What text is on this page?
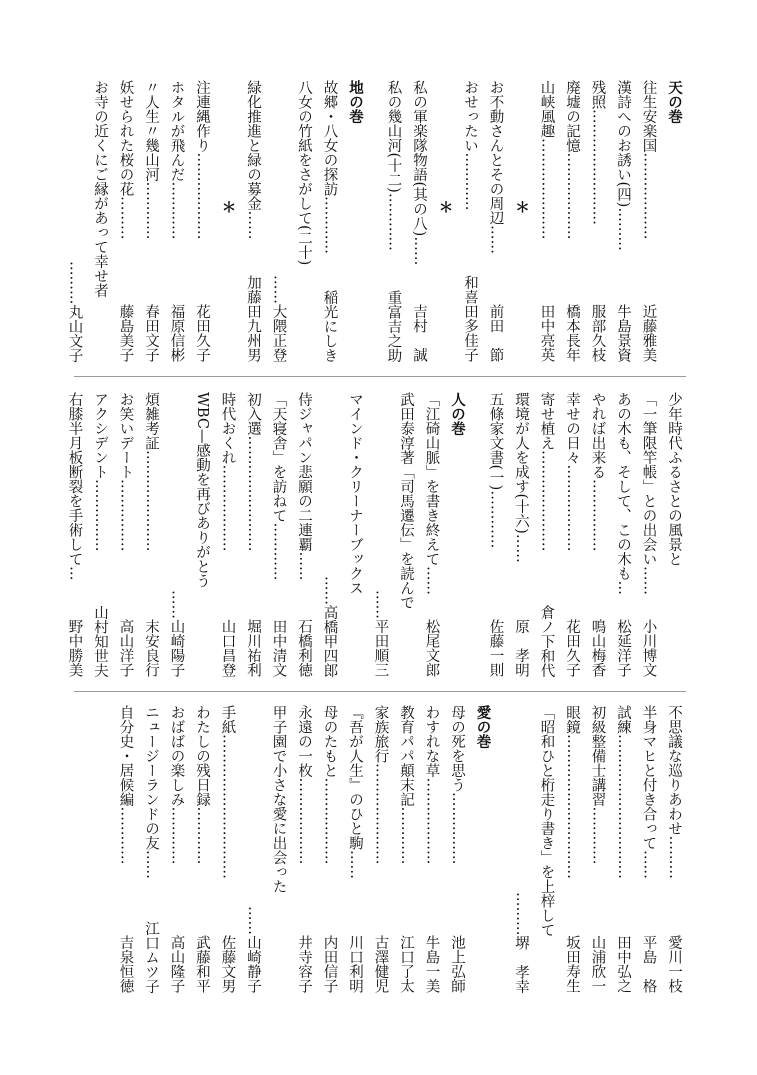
天の巻
往生安楽国………………
近藤雅美
漢詩へのお誘い(四)………
牛島景資
残照……………………
服部久枝
廃墟の記憶………………
橋本長年
山峡風趣…………………
田中亮英
＊
お不動さんとその周辺……
前田　節
おせったい…………
和喜田多佳子
＊
私の軍楽隊物語(其の八)……
吉村　誠
私の幾山河(十二)…………
重富吉之助
地の巻
故郷・八女の探訪…………
稲光にしき
八女の竹紙をさがして(二十)
……大隈正登
緑化推進と緑の募金……
加藤田九州男
＊
注連縄作り………………
花田久子
ホタルが飛んだ…………
福原信彬
〃人生〃幾山河…………
春田文子
妖せられた桜の花………
藤島美子
お寺の近くにご縁があって幸せ者
………丸山文子
少年時代ふるさとの風景と
「一筆限竿帳」との出会い……
小川博文
あの木も、そして、この木も…
松延洋子
やれば出来る……………
鳴山梅香
幸せの日々………………
花田久子
寄せ植え…………………
倉ノ下和代
環境が人を成す(十六)……
原　孝明
五條家文書(一)…………
佐藤一則
人の巻
「江碕山脈」を書き終えて……
松尾文郎
武田泰淳著「司馬遷伝」を読んで
……平田順三
マインド・クリーナーブックス
……高橋甲四郎
侍ジャパン悲願の二連覇……
石橋利徳
「天寝舎」を訪ねて…………
田中清文
初入選……………………
堀川祐利
時代おくれ………………
山口昌登
WBC—感動を再びありがとう
……山崎陽子
煩雑考証…………………
末安良行
お笑いデート……………
高山洋子
アクシデント……………
山村知世夫
右膝半月板断裂を手術して…
野中勝美
不思議な巡りあわせ………
愛川一枝
半身マヒと付き合って……
平島　格
試練…………………………
田中弘之
初級整備士講習…………
山浦欣一
眼鏡…………………………
坂田寿生
「昭和ひと桁走り書き」を上梓して
………堺　孝幸
愛の巻
母の死を思う……………
池上弘師
わすれな草………………
牛島一美
教育パパ顛末記…………
江口了太
家族旅行…………………
古澤健児
『吾が人生』のひと駒……
川口利明
母のたもと………………
内田信子
永遠の一枚………………
井寺容子
甲子園で小さな愛に出会った
……山崎静子
手紙…………………………
佐藤文男
わたしの残日録…………
武藤和平
おばばの楽しみ…………
高山隆子
ニュージーランドの友……
江口ムツ子
自分史・居候編…………
吉泉恒徳
